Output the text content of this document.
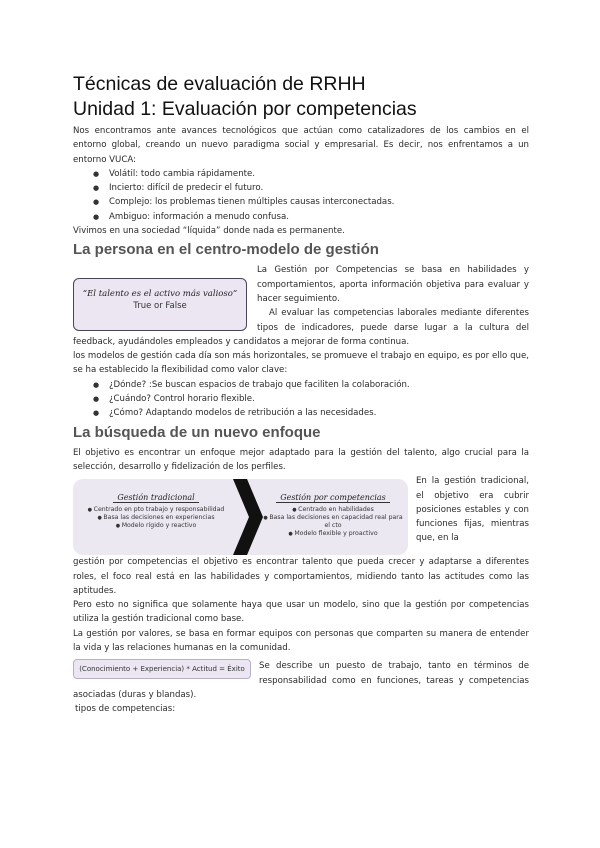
Técnicas de evaluación de RRHH
Unidad 1: Evaluación por competencias

Nos encontramos ante avances tecnológicos que actúan como catalizadores de los cambios en el entorno global, creando un nuevo paradigma social y empresarial. Es decir, nos enfrentamos a un entorno VUCA:

● Volátil: todo cambia rápidamente.
● Incierto: difícil de predecir el futuro.
● Complejo: los problemas tienen múltiples causas interconectadas.
● Ambiguo: información a menudo confusa.

Vivimos en una sociedad “líquida” donde nada es permanente.

La persona en el centro-modelo de gestión
“El talento es el activo más valioso”
True or False

La Gestión por Competencias se basa en habilidades y comportamientos, aporta información objetiva para evaluar y hacer seguimiento.

Al evaluar las competencias laborales mediante diferentes tipos de indicadores, puede darse lugar a la cultura del feedback, ayudándoles empleados y candidatos a mejorar de forma continua.

los modelos de gestión cada día son más horizontales, se promueve el trabajo en equipo, es por ello que, se ha establecido la flexibilidad como valor clave:

● ¿Dónde? :Se buscan espacios de trabajo que faciliten la colaboración.
● ¿Cuándo? Control horario flexible.
● ¿Cómo? Adaptando modelos de retribución a las necesidades.
La búsqueda de un nuevo enfoque

El objetivo es encontrar un enfoque mejor adaptado para la gestión del talento, algo crucial para la selección, desarrollo y fidelización de los perfiles.

Gestión tradicional
● Centrado en pto trabajo y responsabilidad
● Basa las decisiones en experiencias
● Modelo rígido y reactivo
Gestión por competencias
● Centrado en habilidades
● Basa las decisiones en capacidad real para el cto
● Modelo flexible y proactivo

En la gestión tradicional, el objetivo era cubrir posiciones estables y con funciones fijas, mientras que, en la

gestión por competencias el objetivo es encontrar talento que pueda crecer y adaptarse a diferentes roles, el foco real está en las habilidades y comportamientos, midiendo tanto las actitudes como las aptitudes.

Pero esto no significa que solamente haya que usar un modelo, sino que la gestión por competencias utiliza la gestión tradicional como base.

La gestión por valores, se basa en formar equipos con personas que comparten su manera de entender la vida y las relaciones humanas en la comunidad.

(Conocimiento + Experiencia) * Actitud = Éxito	Se describe un puesto de trabajo, tanto en términos de responsabilidad como en funciones, tareas y competencias asociadas (duras y blandas).

tipos de competencias:
